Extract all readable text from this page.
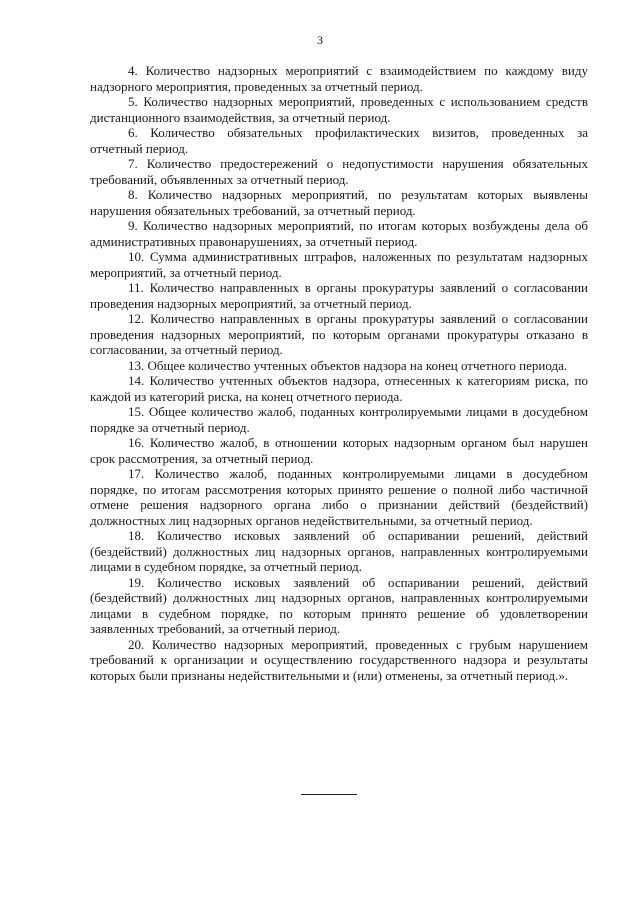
3

4. Количество надзорных мероприятий с взаимодействием по каждому виду надзорного мероприятия, проведенных за отчетный период.

5. Количество надзорных мероприятий, проведенных с использованием средств дистанционного взаимодействия, за отчетный период.

6. Количество обязательных профилактических визитов, проведенных за отчетный период.

7. Количество предостережений о недопустимости нарушения обязательных требований, объявленных за отчетный период.

8. Количество надзорных мероприятий, по результатам которых выявлены нарушения обязательных требований, за отчетный период.

9. Количество надзорных мероприятий, по итогам которых возбуждены дела об административных правонарушениях, за отчетный период.

10. Сумма административных штрафов, наложенных по результатам надзорных мероприятий, за отчетный период.

11. Количество направленных в органы прокуратуры заявлений о согласовании проведения надзорных мероприятий, за отчетный период.

12. Количество направленных в органы прокуратуры заявлений о согласовании проведения надзорных мероприятий, по которым органами прокуратуры отказано в согласовании, за отчетный период.

13. Общее количество учтенных объектов надзора на конец отчетного периода.

14. Количество учтенных объектов надзора, отнесенных к категориям риска, по каждой из категорий риска, на конец отчетного периода.

15. Общее количество жалоб, поданных контролируемыми лицами в досудебном порядке за отчетный период.

16. Количество жалоб, в отношении которых надзорным органом был нарушен срок рассмотрения, за отчетный период.

17. Количество жалоб, поданных контролируемыми лицами в досудебном порядке, по итогам рассмотрения которых принято решение о полной либо частичной отмене решения надзорного органа либо о признании действий (бездействий) должностных лиц надзорных органов недействительными, за отчетный период.

18. Количество исковых заявлений об оспаривании решений, действий (бездействий) должностных лиц надзорных органов, направленных контролируемыми лицами в судебном порядке, за отчетный период.

19. Количество исковых заявлений об оспаривании решений, действий (бездействий) должностных лиц надзорных органов, направленных контролируемыми лицами в судебном порядке, по которым принято решение об удовлетворении заявленных требований, за отчетный период.

20. Количество надзорных мероприятий, проведенных с грубым нарушением требований к организации и осуществлению государственного надзора и результаты которых были признаны недействительными и (или) отменены, за отчетный период.».
